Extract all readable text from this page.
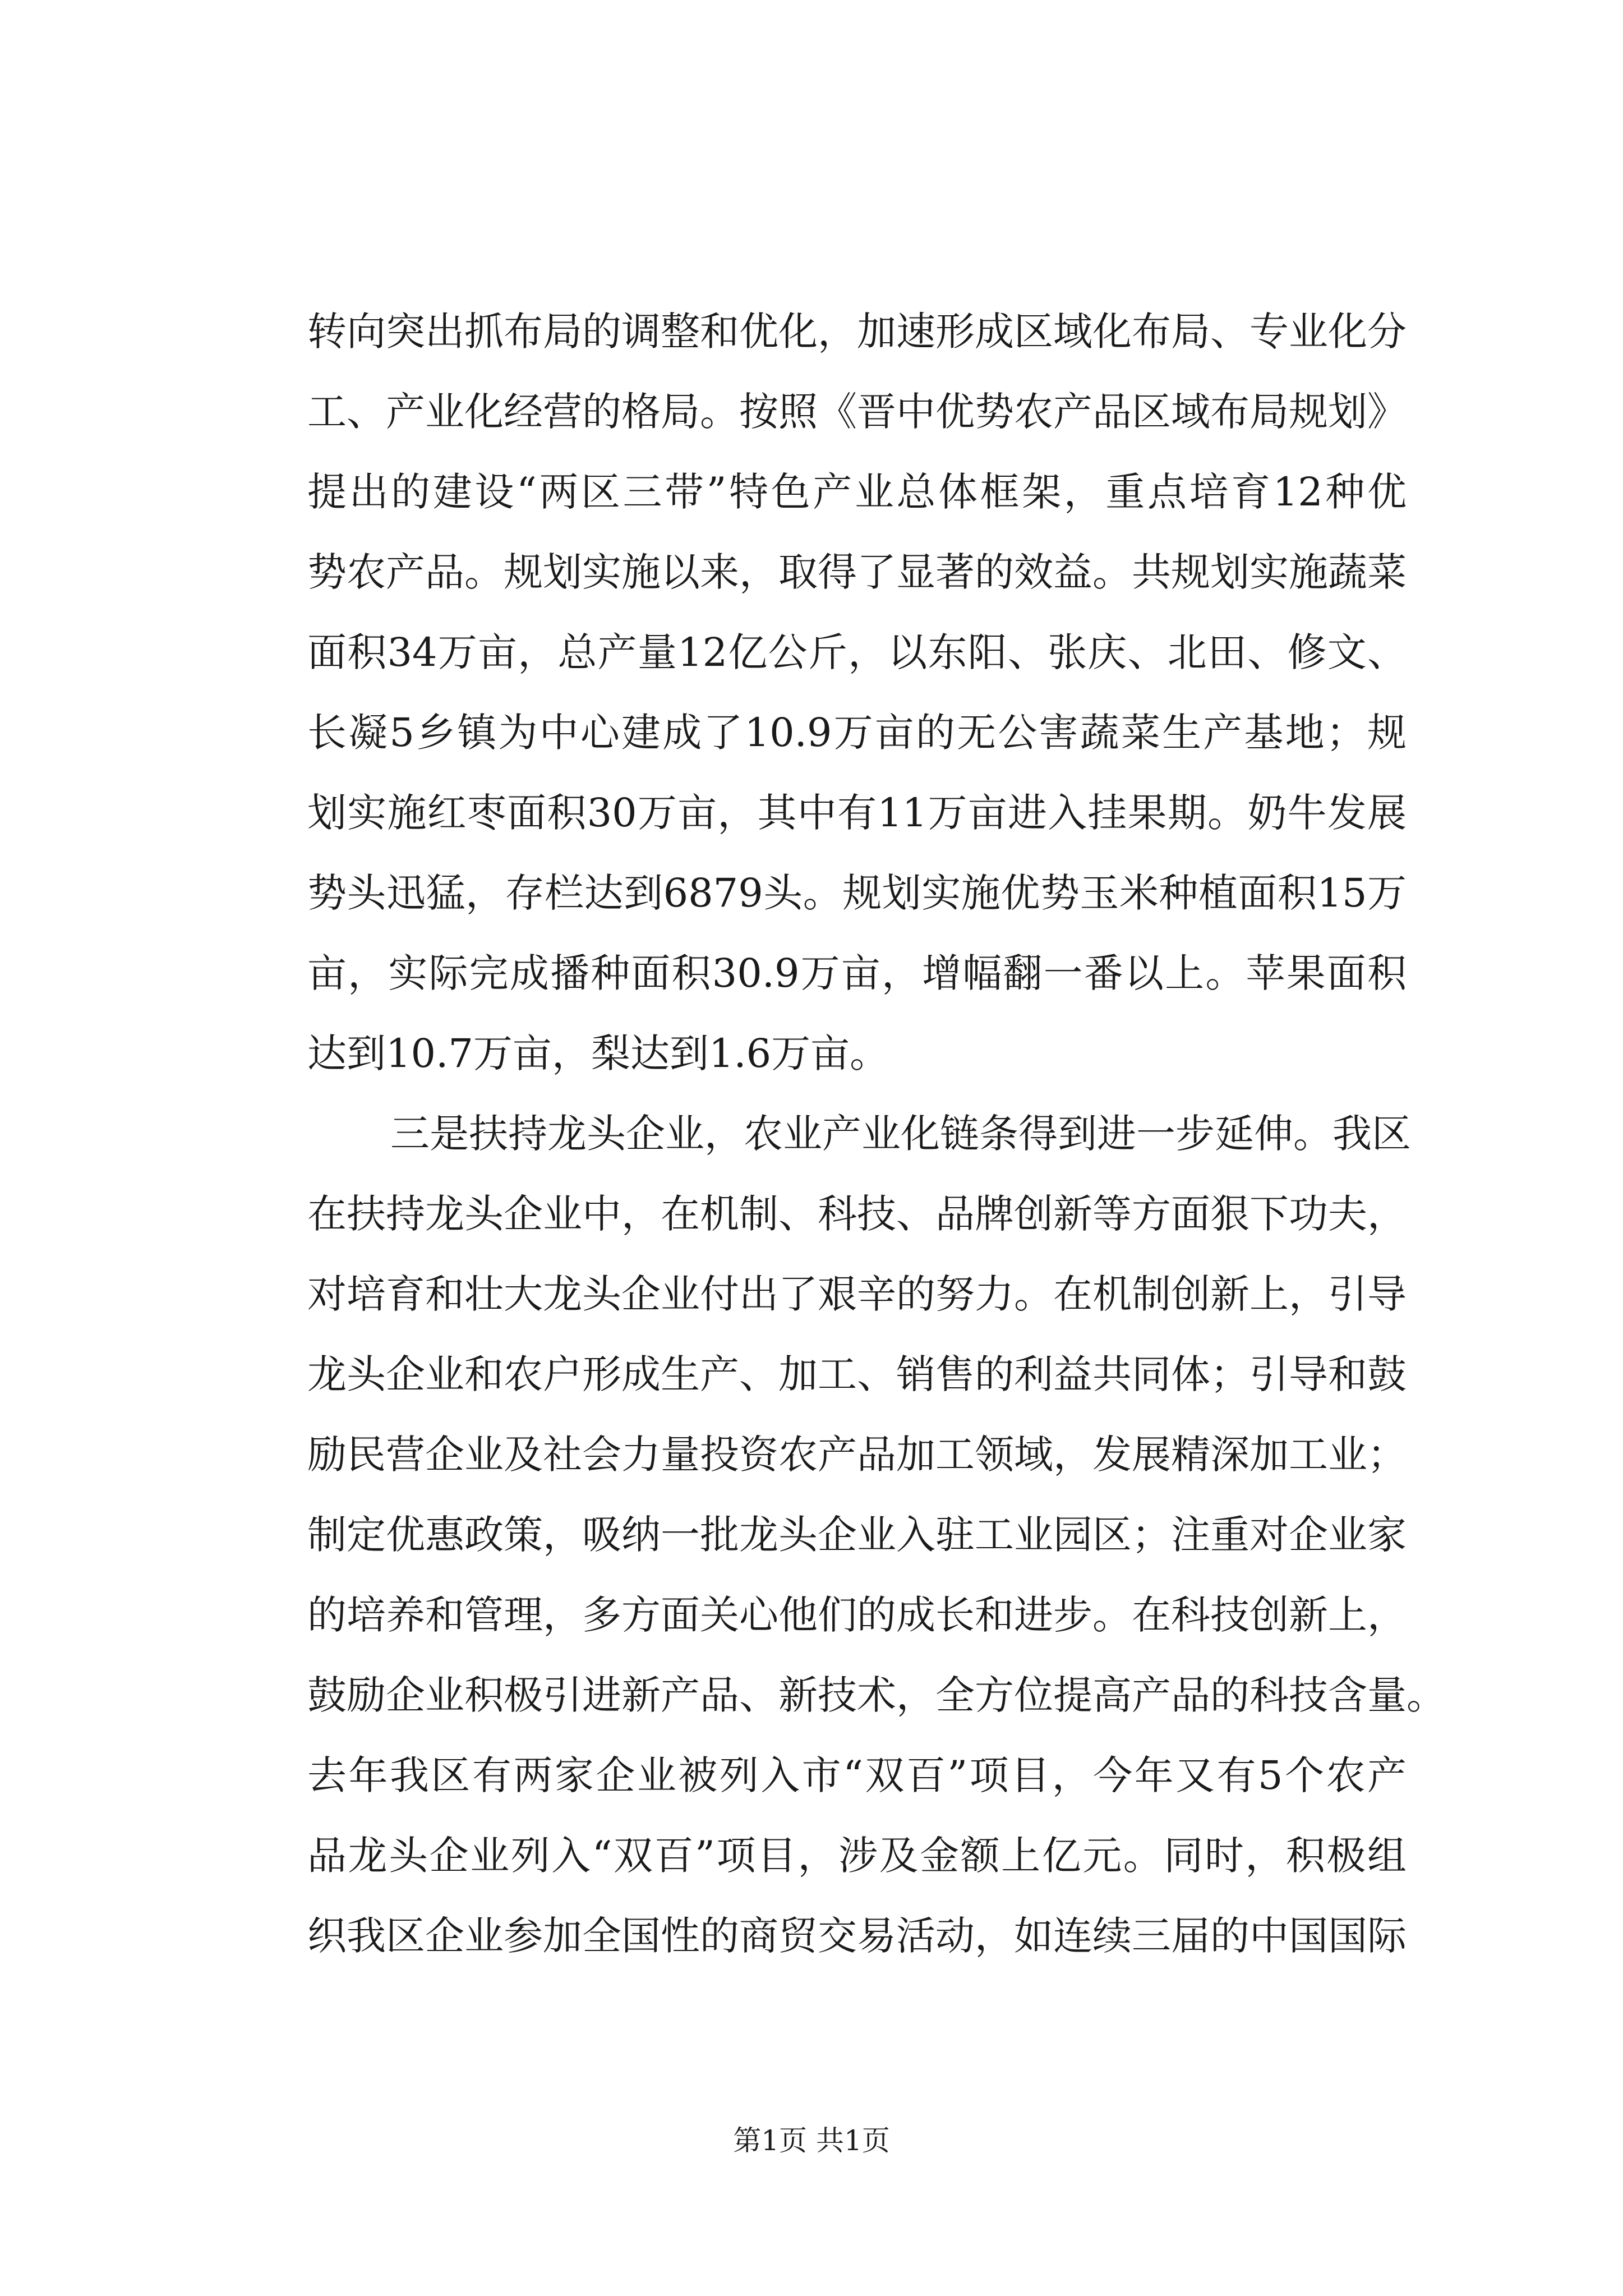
转向突出抓布局的调整和优化，加速形成区域化布局、专业化分
工、产业化经营的格局。按照《晋中优势农产品区域布局规划》
提出的建设“两区三带”特色产业总体框架，重点培育12种优
势农产品。规划实施以来，取得了显著的效益。共规划实施蔬菜
面积34万亩，总产量12亿公斤，以东阳、张庆、北田、修文、
长凝5乡镇为中心建成了10.9万亩的无公害蔬菜生产基地；规
划实施红枣面积30万亩，其中有11万亩进入挂果期。奶牛发展
势头迅猛，存栏达到6879头。规划实施优势玉米种植面积15万
亩，实际完成播种面积30.9万亩，增幅翻一番以上。苹果面积
达到10.7万亩，梨达到1.6万亩。
三是扶持龙头企业，农业产业化链条得到进一步延伸。我区
在扶持龙头企业中，在机制、科技、品牌创新等方面狠下功夫，
对培育和壮大龙头企业付出了艰辛的努力。在机制创新上，引导
龙头企业和农户形成生产、加工、销售的利益共同体；引导和鼓
励民营企业及社会力量投资农产品加工领域，发展精深加工业；
制定优惠政策，吸纳一批龙头企业入驻工业园区；注重对企业家
的培养和管理，多方面关心他们的成长和进步。在科技创新上，
鼓励企业积极引进新产品、新技术，全方位提高产品的科技含量。
去年我区有两家企业被列入市“双百”项目，今年又有5个农产
品龙头企业列入“双百”项目，涉及金额上亿元。同时，积极组
织我区企业参加全国性的商贸交易活动，如连续三届的中国国际
第1页 共1页
